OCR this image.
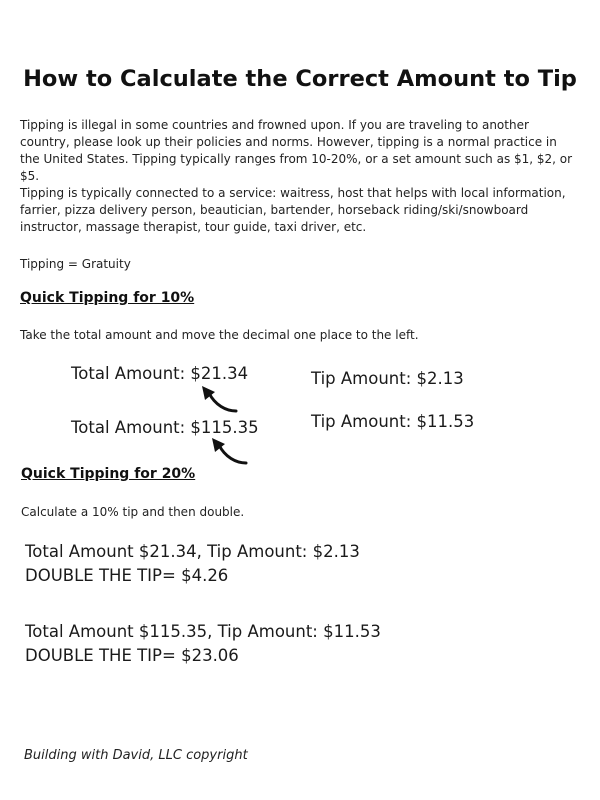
How to Calculate the Correct Amount to Tip

Tipping is illegal in some countries and frowned upon. If you are traveling to another country, please look up their policies and norms. However, tipping is a normal practice in the United States. Tipping typically ranges from 10-20%, or a set amount such as $1, $2, or $5.

Tipping is typically connected to a service: waitress, host that helps with local information, farrier, pizza delivery person, beautician, bartender, horseback riding/ski/snowboard instructor, massage therapist, tour guide, taxi driver, etc.

Tipping = Gratuity

Quick Tipping for 10%
Take the total amount and move the decimal one place to the left.
Total Amount: $21.34	Tip Amount: $2.13
Total Amount: $115.35	Tip Amount: $11.53
Quick Tipping for 20%
Calculate a 10% tip and then double.
Total Amount $21.34, Tip Amount: $2.13
DOUBLE THE TIP= $4.26
Total Amount $115.35, Tip Amount: $11.53
DOUBLE THE TIP= $23.06
Building with David, LLC copyright
